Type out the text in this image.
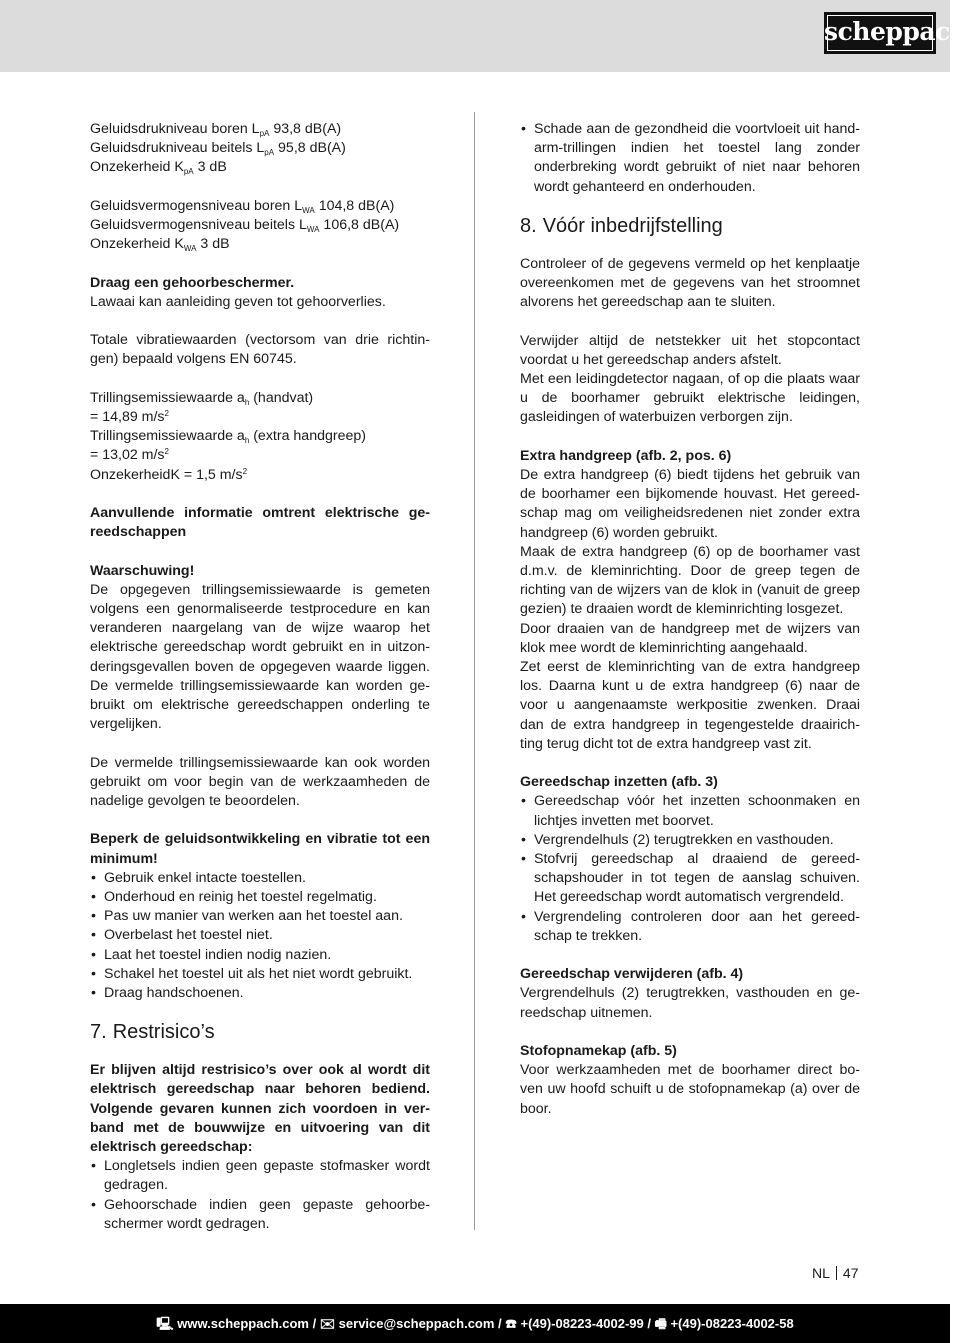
scheppach

Geluidsdrukniveau boren $L_{pA}$ 93,8 dB(A)

Geluidsdrukniveau beitels $L_{pA}$ 95,8 dB(A)

Onzekerheid $K_{pA}$ 3 dB

Geluidsvermogensniveau boren $L_{WA}$ 104,8 dB(A)

Geluidsvermogensniveau beitels $L_{WA}$ 106,8 dB(A)

Onzekerheid $K_{WA}$ 3 dB

Draag een gehoorbeschermer.

Lawaai kan aanleiding geven tot gehoorverlies.

Totale vibratiewaarden (vectorsom van drie richtin-gen) bepaald volgens EN 60745.

Trillingsemissiewaarde $a_h$ (handvat)

= 14,89 $m/s^2$

Trillingsemissiewaarde $a_h$ (extra handgreep)

= 13,02 $m/s^2$

OnzekerheidK = 1,5 $m/s^2$

Aanvullende informatie omtrent elektrische ge-reedschappen

Waarschuwing!

De opgegeven trillingsemissiewaarde is gemeten volgens een genormaliseerde testprocedure en kan veranderen naargelang van de wijze waarop het elektrische gereedschap wordt gebruikt en in uitzon-deringsgevallen boven de opgegeven waarde liggen. De vermelde trillingsemissiewaarde kan worden ge-bruikt om elektrische gereedschappen onderling te vergelijken.

De vermelde trillingsemissiewaarde kan ook worden gebruikt om voor begin van de werkzaamheden de nadelige gevolgen te beoordelen.

Beperk de geluidsontwikkeling en vibratie tot een minimum!

• Gebruik enkel intacte toestellen.
• Onderhoud en reinig het toestel regelmatig.
• Pas uw manier van werken aan het toestel aan.
• Overbelast het toestel niet.
• Laat het toestel indien nodig nazien.
• Schakel het toestel uit als het niet wordt gebruikt.
• Draag handschoenen.
7. Restrisico’s

Er blijven altijd restrisico’s over ook al wordt dit elektrisch gereedschap naar behoren bediend. Volgende gevaren kunnen zich voordoen in ver-band met de bouwwijze en uitvoering van dit elektrisch gereedschap:

• Longletsels indien geen gepaste stofmasker wordt gedragen.
• Gehoorschade indien geen gepaste gehoorbe-schermer wordt gedragen.
• Schade aan de gezondheid die voortvloeit uit hand-arm-trillingen indien het toestel lang zonder onderbreking wordt gebruikt of niet naar behoren wordt gehanteerd en onderhouden.
8. Vóór inbedrijfstelling

Controleer of de gegevens vermeld op het kenplaatje overeenkomen met de gegevens van het stroomnet alvorens het gereedschap aan te sluiten.

Verwijder altijd de netstekker uit het stopcontact voordat u het gereedschap anders afstelt.

Met een leidingdetector nagaan, of op die plaats waar u de boorhamer gebruikt elektrische leidingen, gasleidingen of waterbuizen verborgen zijn.

Extra handgreep (afb. 2, pos. 6)

De extra handgreep (6) biedt tijdens het gebruik van de boorhamer een bijkomende houvast. Het gereed-schap mag om veiligheidsredenen niet zonder extra handgreep (6) worden gebruikt.

Maak de extra handgreep (6) op de boorhamer vast d.m.v. de kleminrichting. Door de greep tegen de richting van de wijzers van de klok in (vanuit de greep gezien) te draaien wordt de kleminrichting losgezet.

Door draaien van de handgreep met de wijzers van klok mee wordt de kleminrichting aangehaald.

Zet eerst de kleminrichting van de extra handgreep los. Daarna kunt u de extra handgreep (6) naar de voor u aangenaamste werkpositie zwenken. Draai dan de extra handgreep in tegengestelde draairich-ting terug dicht tot de extra handgreep vast zit.

Gereedschap inzetten (afb. 3)

• Gereedschap vóór het inzetten schoonmaken en lichtjes invetten met boorvet.
• Vergrendelhuls (2) terugtrekken en vasthouden.
• Stofvrij gereedschap al draaiend de gereed-schapshouder in tot tegen de aanslag schuiven. Het gereedschap wordt automatisch vergrendeld.
• Vergrendeling controleren door aan het gereed-schap te trekken.

Gereedschap verwijderen (afb. 4)

Vergrendelhuls (2) terugtrekken, vasthouden en ge-reedschap uitnemen.

Stofopnamekap (afb. 5)

Voor werkzaamheden met de boorhamer direct bo-ven uw hoofd schuift u de stofopnamekap (a) over de boor.

NL 47
🖳 www.scheppach.com / ✉ service@scheppach.com / ☎ +(49)-08223-4002-99 / 🖷 +(49)-08223-4002-58
